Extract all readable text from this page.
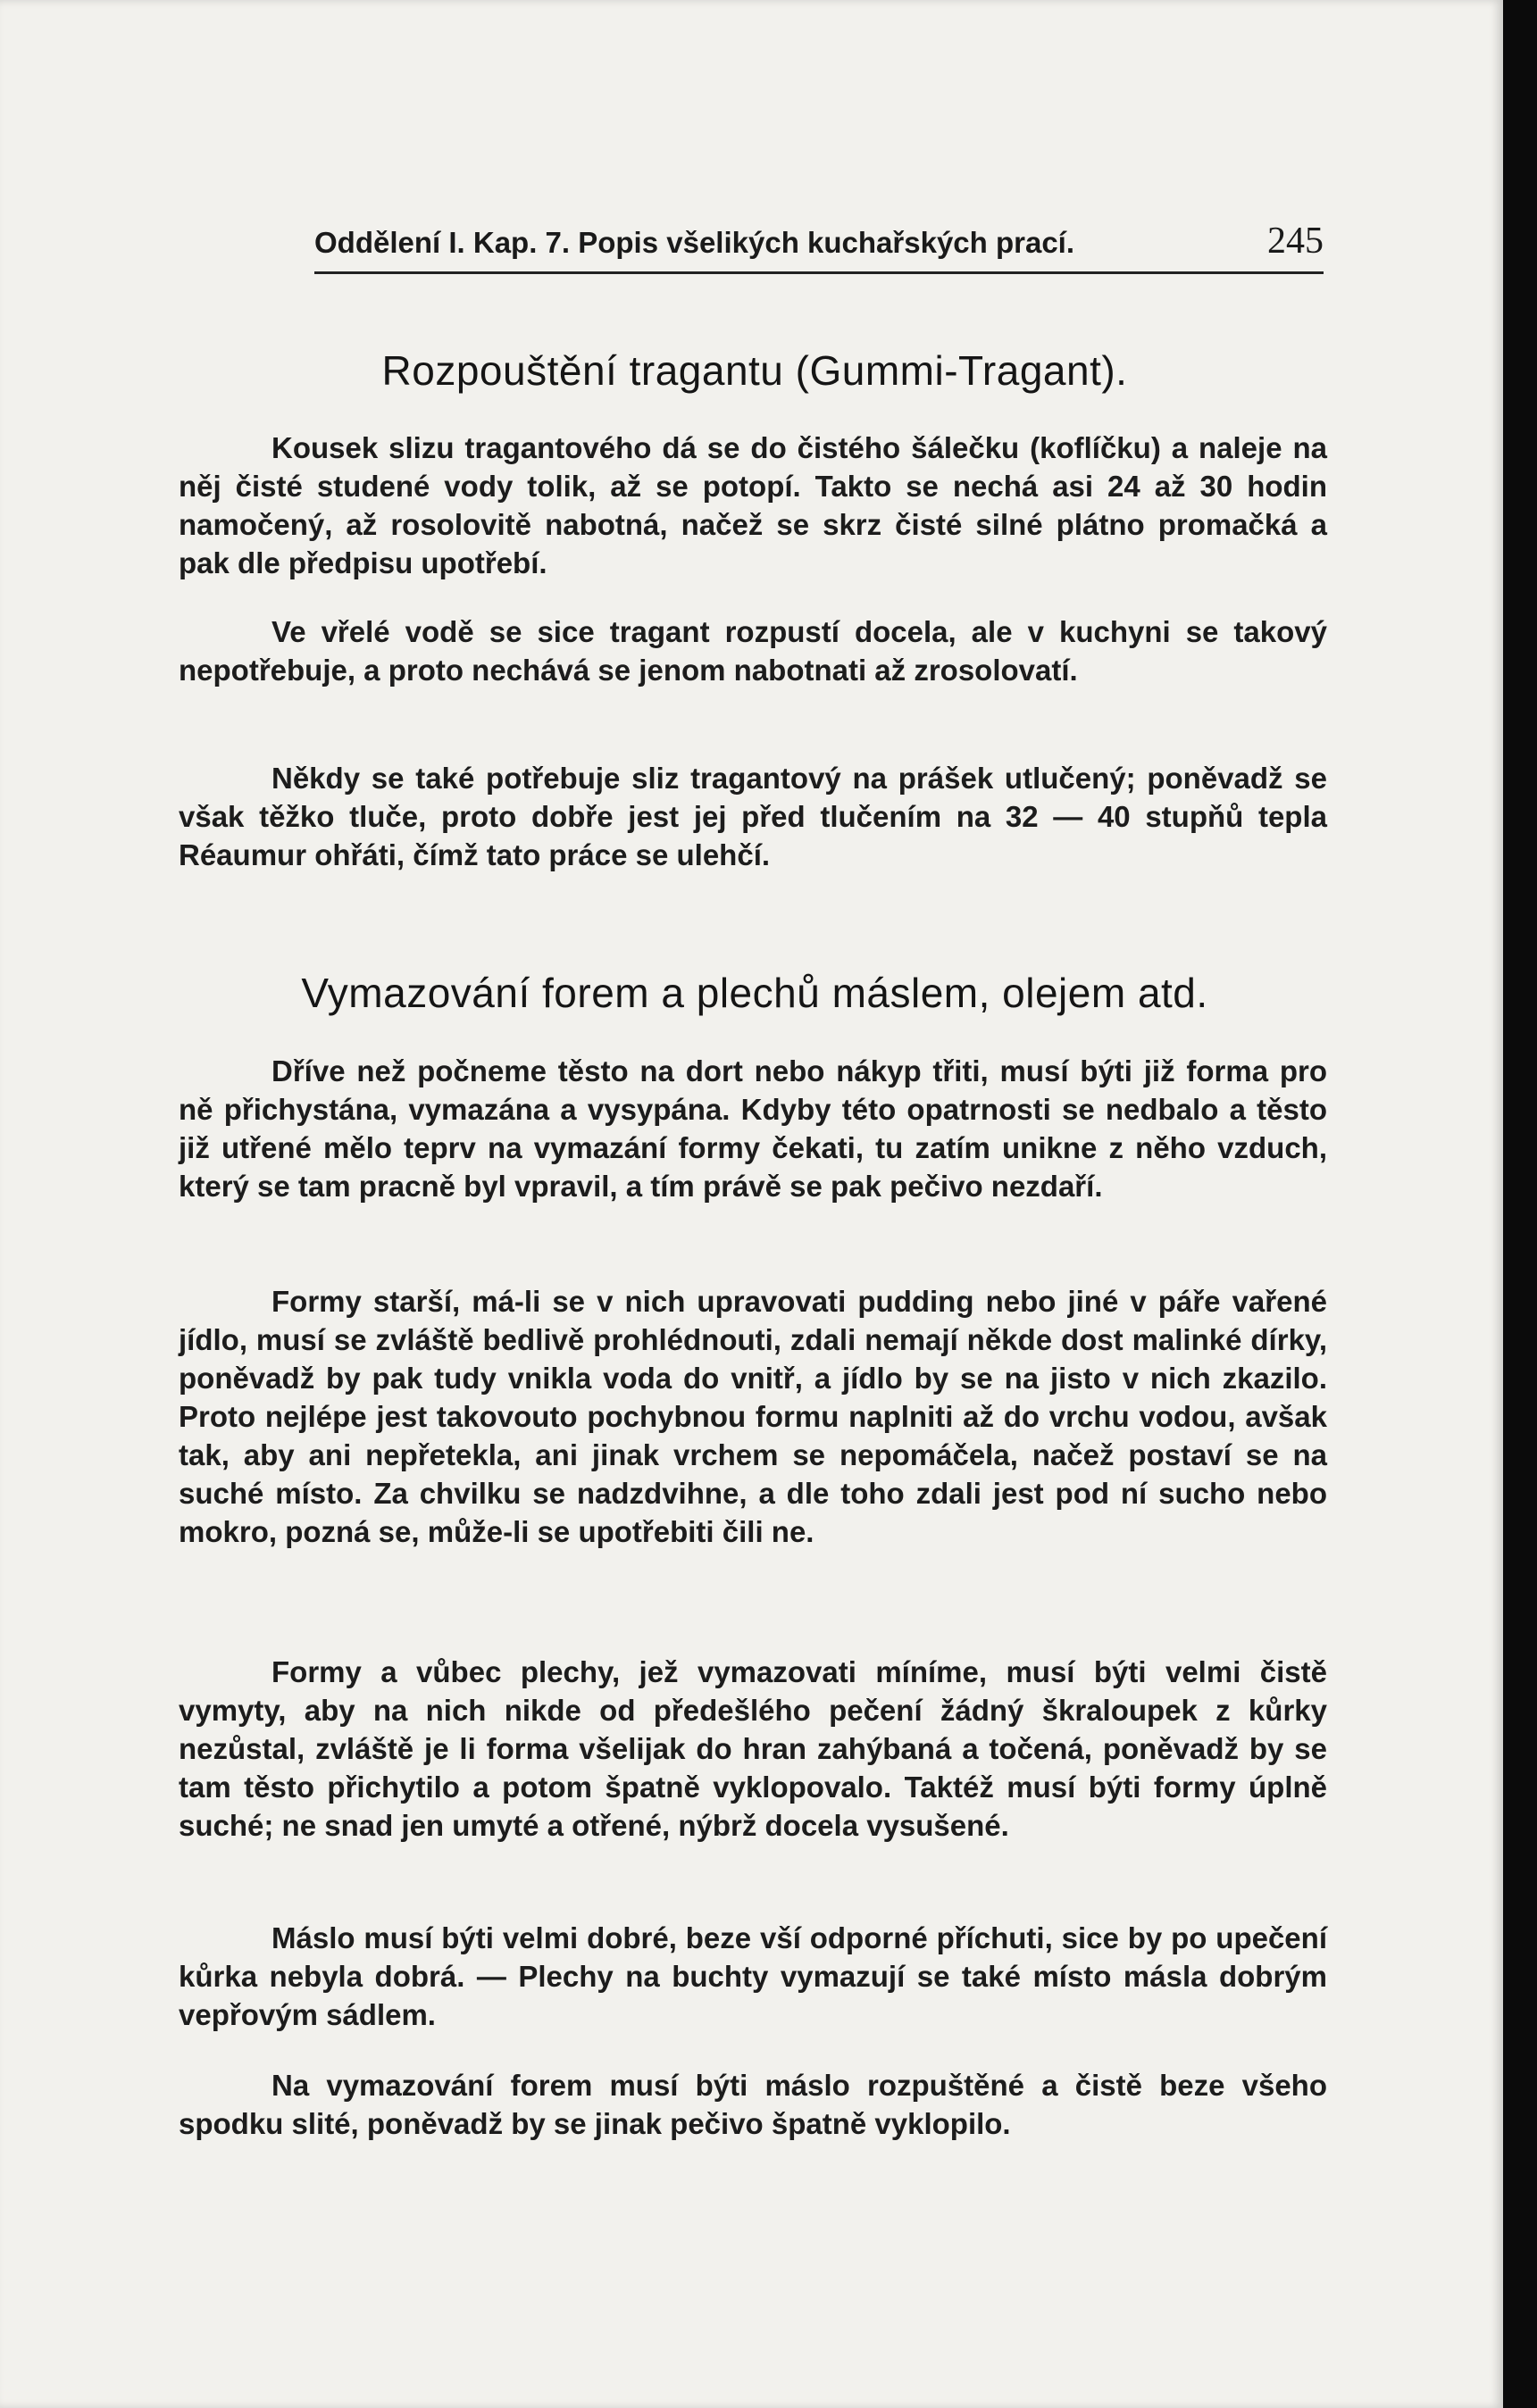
Oddělení I. Kap. 7. Popis všelikých kuchařských prací.	245
Rozpouštění tragantu (Gummi-Tragant).

Kousek slizu tragantového dá se do čistého šálečku (koflíčku) a naleje na něj čisté studené vody tolik, až se potopí. Takto se nechá asi 24 až 30 hodin namočený, až rosolovitě nabotná, načež se skrz čisté silné plátno promačká a pak dle předpisu upotřebí.

Ve vřelé vodě se sice tragant rozpustí docela, ale v kuchyni se takový nepotřebuje, a proto nechává se jenom nabotnati až zrosolovatí.

Někdy se také potřebuje sliz tragantový na prášek utlučený; poněvadž se však těžko tluče, proto dobře jest jej před tlučením na 32 — 40 stupňů tepla Réaumur ohřáti, čímž tato práce se ulehčí.

Vymazování forem a plechů máslem, olejem atd.

Dříve než počneme těsto na dort nebo nákyp třiti, musí býti již forma pro ně přichystána, vymazána a vysypána. Kdyby této opatrnosti se nedbalo a těsto již utřené mělo teprv na vymazání formy čekati, tu zatím unikne z něho vzduch, který se tam pracně byl vpravil, a tím právě se pak pečivo nezdaří.

Formy starší, má-li se v nich upravovati pudding nebo jiné v páře vařené jídlo, musí se zvláště bedlivě prohlédnouti, zdali nemají někde dost malinké dírky, poněvadž by pak tudy vnikla voda do vnitř, a jídlo by se na jisto v nich zkazilo. Proto nejlépe jest takovouto pochybnou formu naplniti až do vrchu vodou, avšak tak, aby ani nepřetekla, ani jinak vrchem se nepomáčela, načež postaví se na suché místo. Za chvilku se nadzdvihne, a dle toho zdali jest pod ní sucho nebo mokro, pozná se, může-li se upotřebiti čili ne.

Formy a vůbec plechy, jež vymazovati míníme, musí býti velmi čistě vymyty, aby na nich nikde od předešlého pečení žádný škraloupek z kůrky nezůstal, zvláště je li forma všelijak do hran zahýbaná a točená, poněvadž by se tam těsto přichytilo a potom špatně vyklopovalo. Taktéž musí býti formy úplně suché; ne snad jen umyté a otřené, nýbrž docela vysušené.

Máslo musí býti velmi dobré, beze vší odporné příchuti, sice by po upečení kůrka nebyla dobrá. — Plechy na buchty vymazují se také místo másla dobrým vepřovým sádlem.

Na vymazování forem musí býti máslo rozpuštěné a čistě beze všeho spodku slité, poněvadž by se jinak pečivo špatně vyklopilo.
